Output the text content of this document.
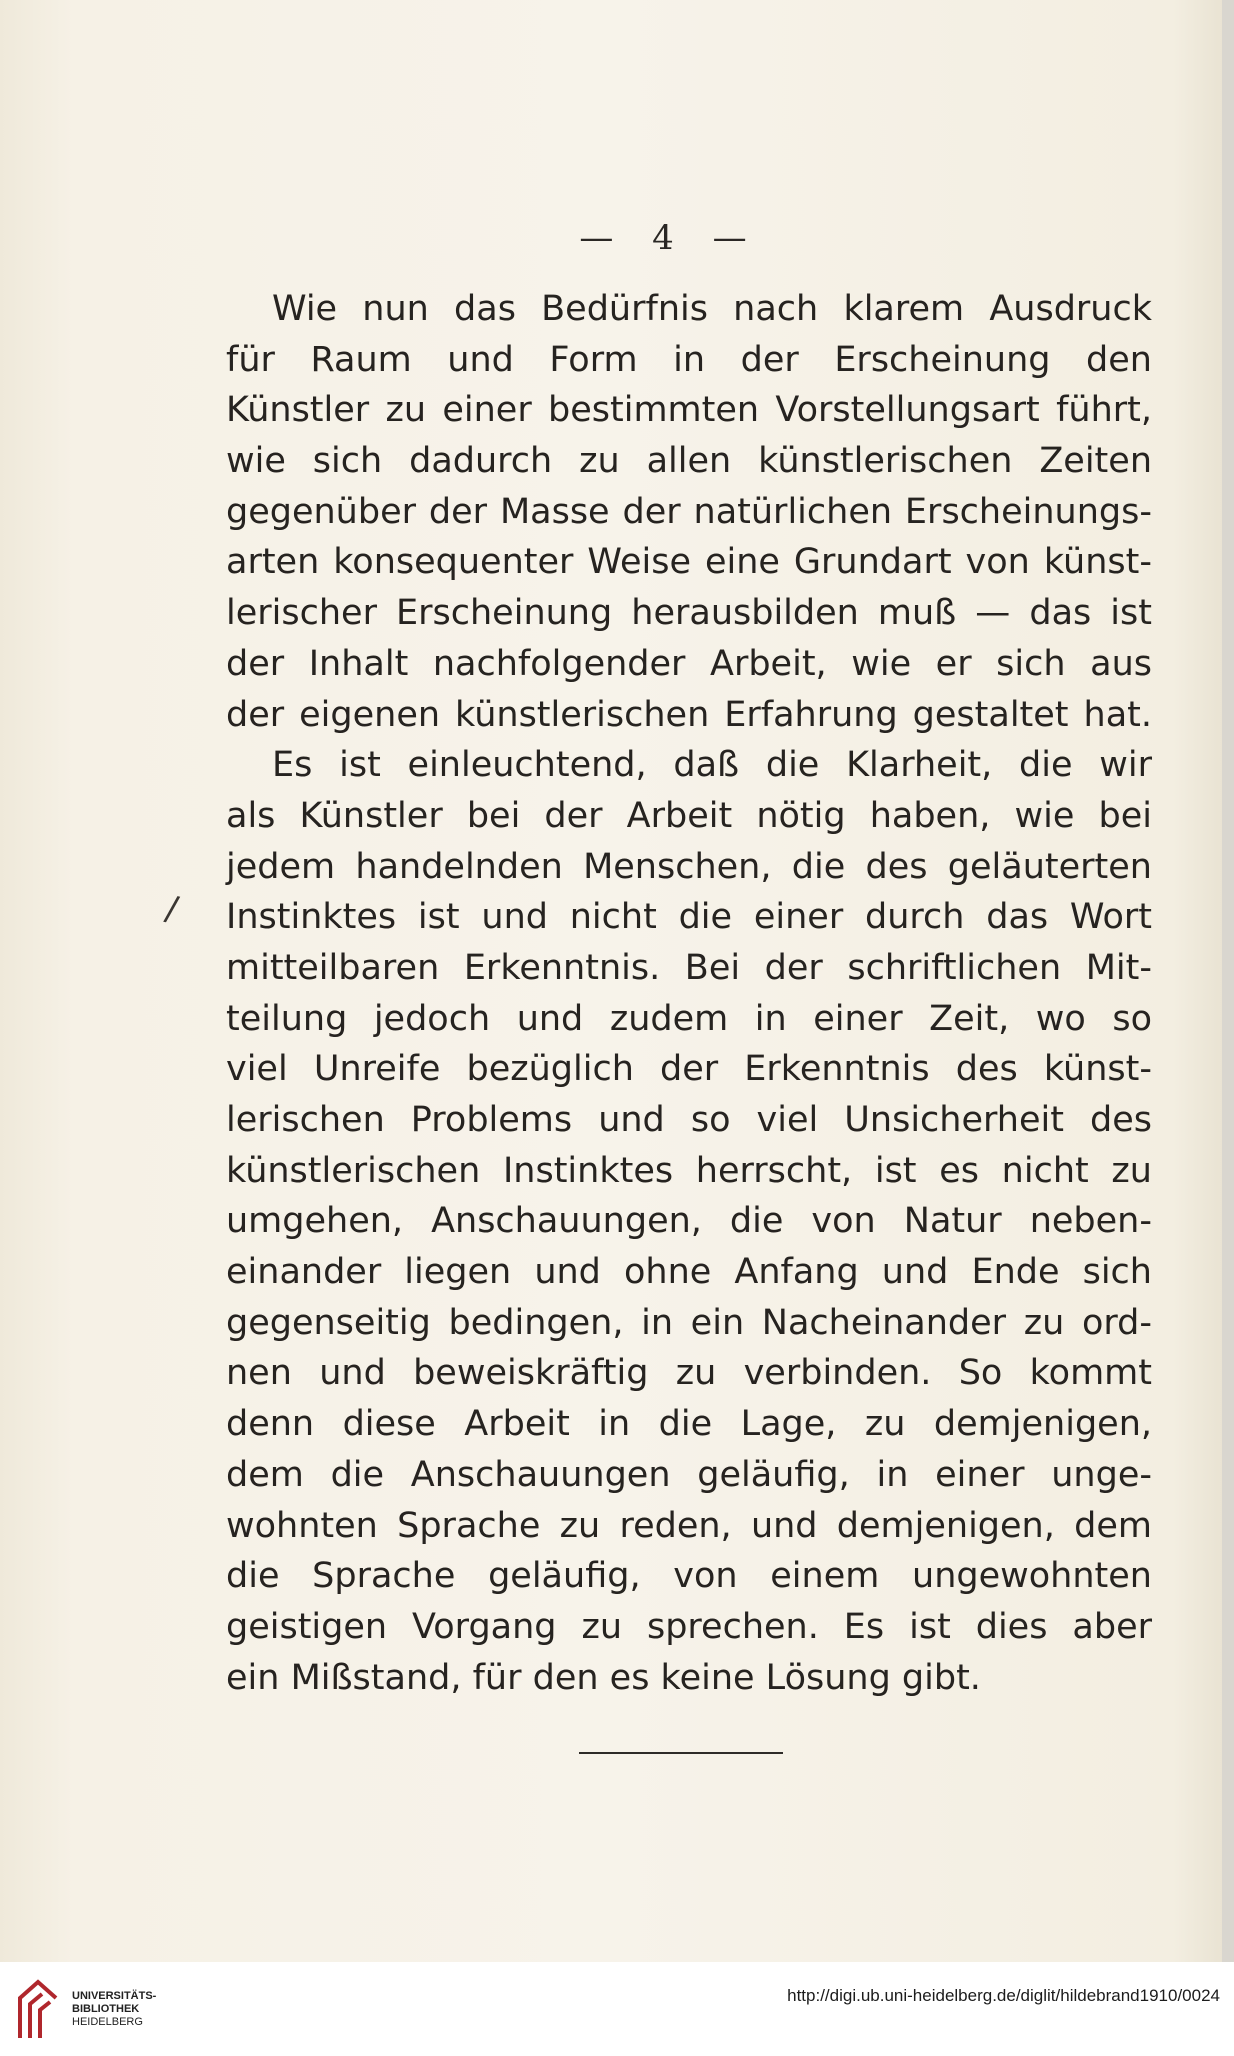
— 4 —
/
Wie nun das Bedürfnis nach klarem Ausdruck
für Raum und Form in der Erscheinung den
Künstler zu einer bestimmten Vorstellungsart führt,
wie sich dadurch zu allen künstlerischen Zeiten
gegenüber der Masse der natürlichen Erscheinungs-
arten konsequenter Weise eine Grundart von künst-
lerischer Erscheinung herausbilden muß — das ist
der Inhalt nachfolgender Arbeit, wie er sich aus
der eigenen künstlerischen Erfahrung gestaltet hat.
Es ist einleuchtend, daß die Klarheit, die wir
als Künstler bei der Arbeit nötig haben, wie bei
jedem handelnden Menschen, die des geläuterten
Instinktes ist und nicht die einer durch das Wort
mitteilbaren Erkenntnis. Bei der schriftlichen Mit-
teilung jedoch und zudem in einer Zeit, wo so
viel Unreife bezüglich der Erkenntnis des künst-
lerischen Problems und so viel Unsicherheit des
künstlerischen Instinktes herrscht, ist es nicht zu
umgehen, Anschauungen, die von Natur neben-
einander liegen und ohne Anfang und Ende sich
gegenseitig bedingen, in ein Nacheinander zu ord-
nen und beweiskräftig zu verbinden. So kommt
denn diese Arbeit in die Lage, zu demjenigen,
dem die Anschauungen geläufig, in einer unge-
wohnten Sprache zu reden, und demjenigen, dem
die Sprache geläufig, von einem ungewohnten
geistigen Vorgang zu sprechen. Es ist dies aber
ein Mißstand, für den es keine Lösung gibt.
UNIVERSITÄTS-
BIBLIOTHEK
HEIDELBERG
http://digi.ub.uni-heidelberg.de/diglit/hildebrand1910/0024
